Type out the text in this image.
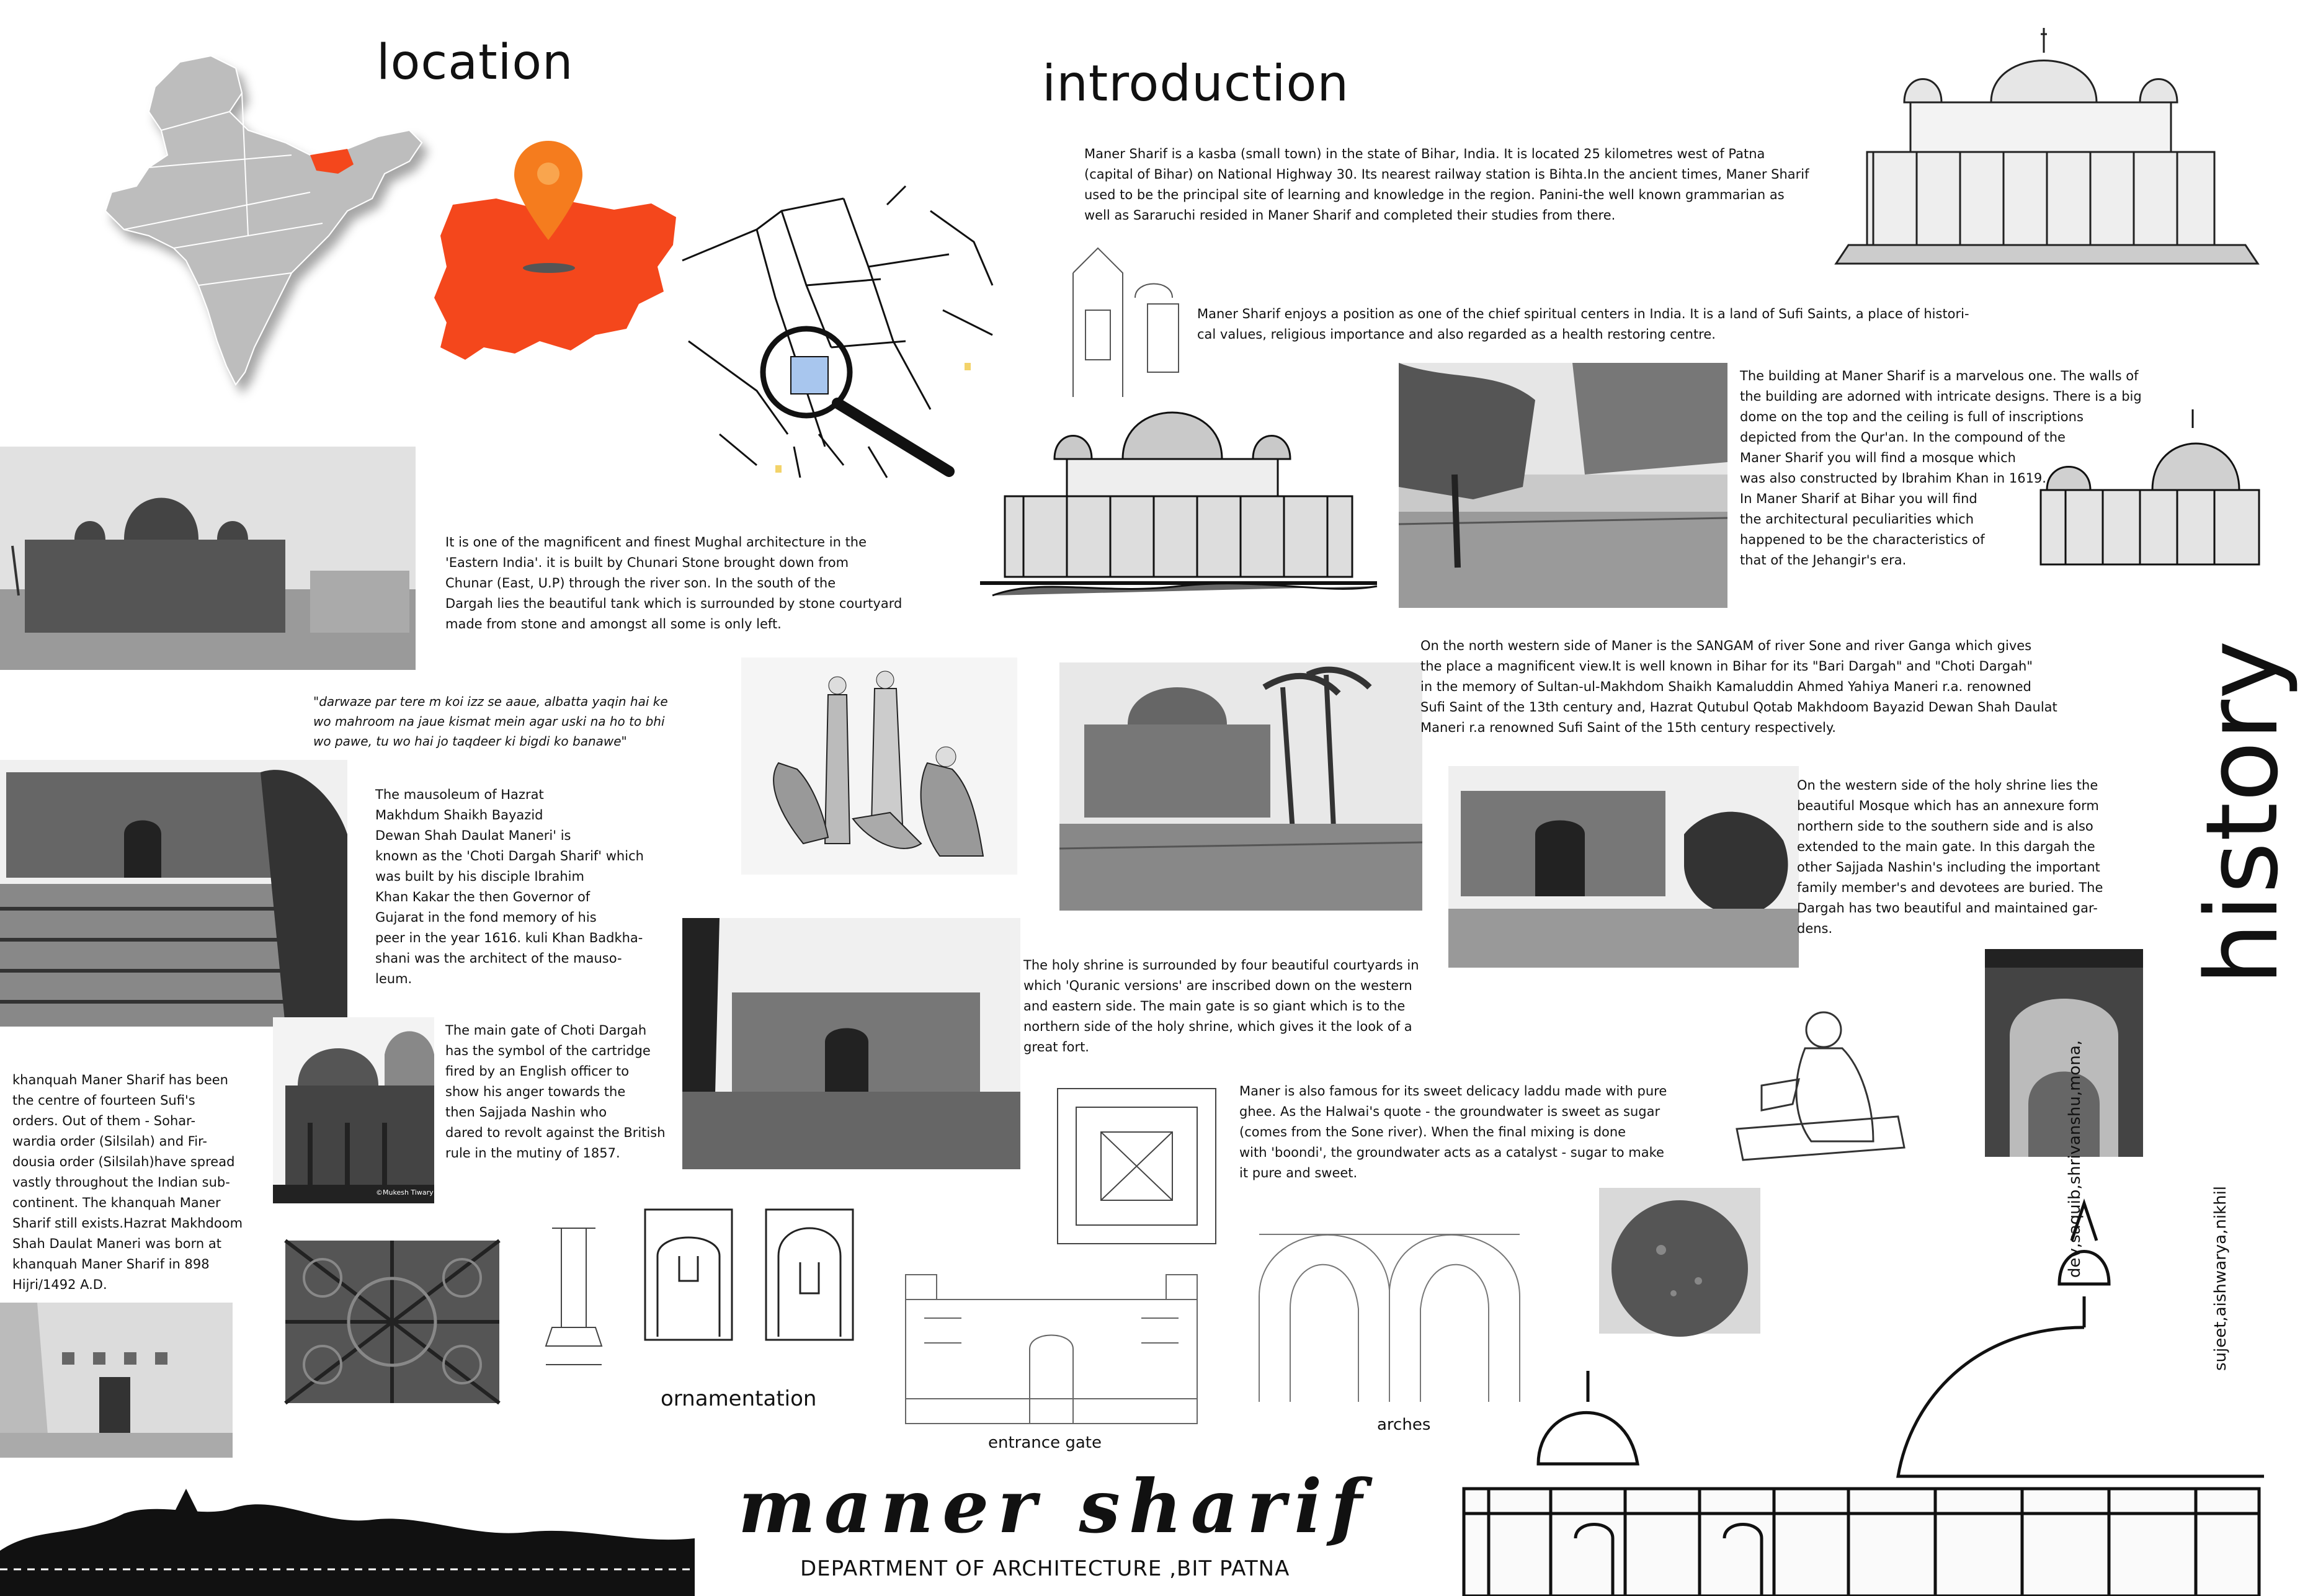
location	introduction
Maner Sharif is a kasba (small town) in the state of Bihar, India. It is located 25 kilometres west of Patna
(capital of Bihar) on National Highway 30. Its nearest railway station is Bihta.In the ancient times, Maner Sharif
used to be the principal site of learning and knowledge in the region. Panini-the well known grammarian as
well as Sararuchi resided in Maner Sharif and completed their studies from there.
Maner Sharif enjoys a position as one of the chief spiritual centers in India. It is a land of Sufi Saints, a place of histori-
cal values, religious importance and also regarded as a health restoring centre.
The building at Maner Sharif is a marvelous one. The walls of
the building are adorned with intricate designs. There is a big
dome on the top and the ceiling is full of inscriptions
depicted from the Qur'an. In the compound of the
Maner Sharif you will find a mosque which
was also constructed by Ibrahim Khan in 1619.
In Maner Sharif at Bihar you will find
the architectural peculiarities which
happened to be the characteristics of
that of the Jehangir's era.
It is one of the magnificent and finest Mughal architecture in the
'Eastern India'. it is built by Chunari Stone brought down from
Chunar (East, U.P) through the river son. In the south of the
Dargah lies the beautiful tank which is surrounded by stone courtyard
made from stone and amongst all some is only left.
"darwaze par tere m koi izz se aaue, albatta yaqin hai ke
wo mahroom na jaue kismat mein agar uski na ho to bhi
wo pawe, tu wo hai jo taqdeer ki bigdi ko banawe"
The mausoleum of Hazrat
Makhdum Shaikh Bayazid
Dewan Shah Daulat Maneri' is
known as the 'Choti Dargah Sharif' which
was built by his disciple Ibrahim
Khan Kakar the then Governor of
Gujarat in the fond memory of his
peer in the year 1616. kuli Khan Badkha-
shani was the architect of the mauso-
leum.
On the north western side of Maner is the SANGAM of river Sone and river Ganga which gives
the place a magnificent view.It is well known in Bihar for its "Bari Dargah" and "Choti Dargah"
in the memory of Sultan-ul-Makhdom Shaikh Kamaluddin Ahmed Yahiya Maneri r.a. renowned
Sufi Saint of the 13th century and, Hazrat Qutubul Qotab Makhdoom Bayazid Dewan Shah Daulat
Maneri r.a renowned Sufi Saint of the 15th century respectively.	history
On the western side of the holy shrine lies the
beautiful Mosque which has an annexure form
northern side to the southern side and is also
extended to the main gate. In this dargah the
other Sajjada Nashin's including the important
family member's and devotees are buried. The
Dargah has two beautiful and maintained gar-
dens.
The holy shrine is surrounded by four beautiful courtyards in
which 'Quranic versions' are inscribed down on the western
and eastern side. The main gate is so giant which is to the
northern side of the holy shrine, which gives it the look of a
great fort.
©Mukesh Tiwary
The main gate of Choti Dargah
has the symbol of the cartridge
fired by an English officer to
show his anger towards the
then Sajjada Nashin who
dared to revolt against the British
rule in the mutiny of 1857.
khanquah Maner Sharif has been
the centre of fourteen Sufi's
orders. Out of them - Sohar-
wardia order (Silsilah) and Fir-
dousia order (Silsilah)have spread
vastly throughout the Indian sub-
continent. The khanquah Maner
Sharif still exists.Hazrat Makhdoom
Shah Daulat Maneri was born at
khanquah Maner Sharif in 898
Hijri/1492 A.D.
ornamentation
entrance gate
Maner is also famous for its sweet delicacy laddu made with pure
ghee. As the Halwai's quote - the groundwater is sweet as sugar
(comes from the Sone river). When the final mixing is done
with 'boondi', the groundwater acts as a catalyst - sugar to make
it pure and sweet.
arches
dev,saquib,shrivanshu,mona,
sujeet,aishwarya,nikhil
maner sharif
DEPARTMENT OF ARCHITECTURE ,BIT PATNA
